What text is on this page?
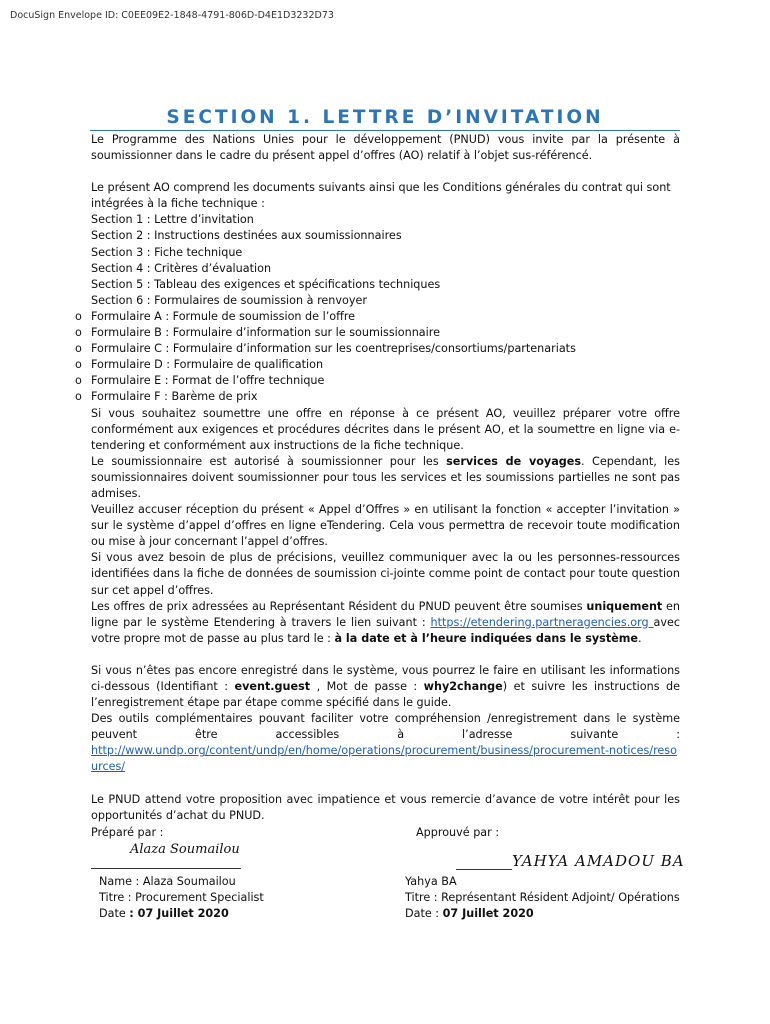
DocuSign Envelope ID: C0EE09E2-1848-4791-806D-D4E1D3232D73
SECTION 1. LETTRE D’INVITATION

Le Programme des Nations Unies pour le développement (PNUD) vous invite par la présente à soumissionner dans le cadre du présent appel d’offres (AO) relatif à l’objet sus-référencé.

Le présent AO comprend les documents suivants ainsi que les Conditions générales du contrat qui sont intégrées à la fiche technique :

Section 1 : Lettre d’invitation
Section 2 : Instructions destinées aux soumissionnaires
Section 3 : Fiche technique
Section 4 : Critères d’évaluation
Section 5 : Tableau des exigences et spécifications techniques
Section 6 : Formulaires de soumission à renvoyer
o Formulaire A : Formule de soumission de l’offre
o Formulaire B : Formulaire d’information sur le soumissionnaire
o Formulaire C : Formulaire d’information sur les coentreprises/consortiums/partenariats
o Formulaire D : Formulaire de qualification
o Formulaire E : Format de l’offre technique
o Formulaire F : Barème de prix

Si vous souhaitez soumettre une offre en réponse à ce présent AO, veuillez préparer votre offre conformément aux exigences et procédures décrites dans le présent AO, et la soumettre en ligne via e-tendering et conformément aux instructions de la fiche technique.

Le soumissionnaire est autorisé à soumissionner pour les services de voyages. Cependant, les soumissionnaires doivent soumissionner pour tous les services et les soumissions partielles ne sont pas admises.

Veuillez accuser réception du présent « Appel d’Offres » en utilisant la fonction « accepter l’invitation » sur le système d’appel d’offres en ligne eTendering. Cela vous permettra de recevoir toute modification ou mise à jour concernant l’appel d’offres.

Si vous avez besoin de plus de précisions, veuillez communiquer avec la ou les personnes-ressources identifiées dans la fiche de données de soumission ci-jointe comme point de contact pour toute question sur cet appel d’offres.

Les offres de prix adressées au Représentant Résident du PNUD peuvent être soumises uniquement en ligne par le système Etendering à travers le lien suivant : https://etendering.partneragencies.org avec votre propre mot de passe au plus tard le : à la date et à l’heure indiquées dans le système.

Si vous n’êtes pas encore enregistré dans le système, vous pourrez le faire en utilisant les informations ci-dessous (Identifiant : event.guest , Mot de passe : why2change) et suivre les instructions de l’enregistrement étape par étape comme spécifié dans le guide.

Des outils complémentaires pouvant faciliter votre compréhension /enregistrement dans le système peuvent être accessibles à l’adresse suivante :

http://www.undp.org/content/undp/en/home/operations/procurement/business/procurement-notices/resources/

Le PNUD attend votre proposition avec impatience et vous remercie d’avance de votre intérêt pour les opportunités d’achat du PNUD.

Préparé par :	Approuvé par :
Alaza Soumailou
YAHYA AMADOU BA
Name : Alaza Soumailou
Titre : Procurement Specialist
Date : 07 Juillet 2020
Yahya BA
Titre : Représentant Résident Adjoint/ Opérations
Date : 07 Juillet 2020
